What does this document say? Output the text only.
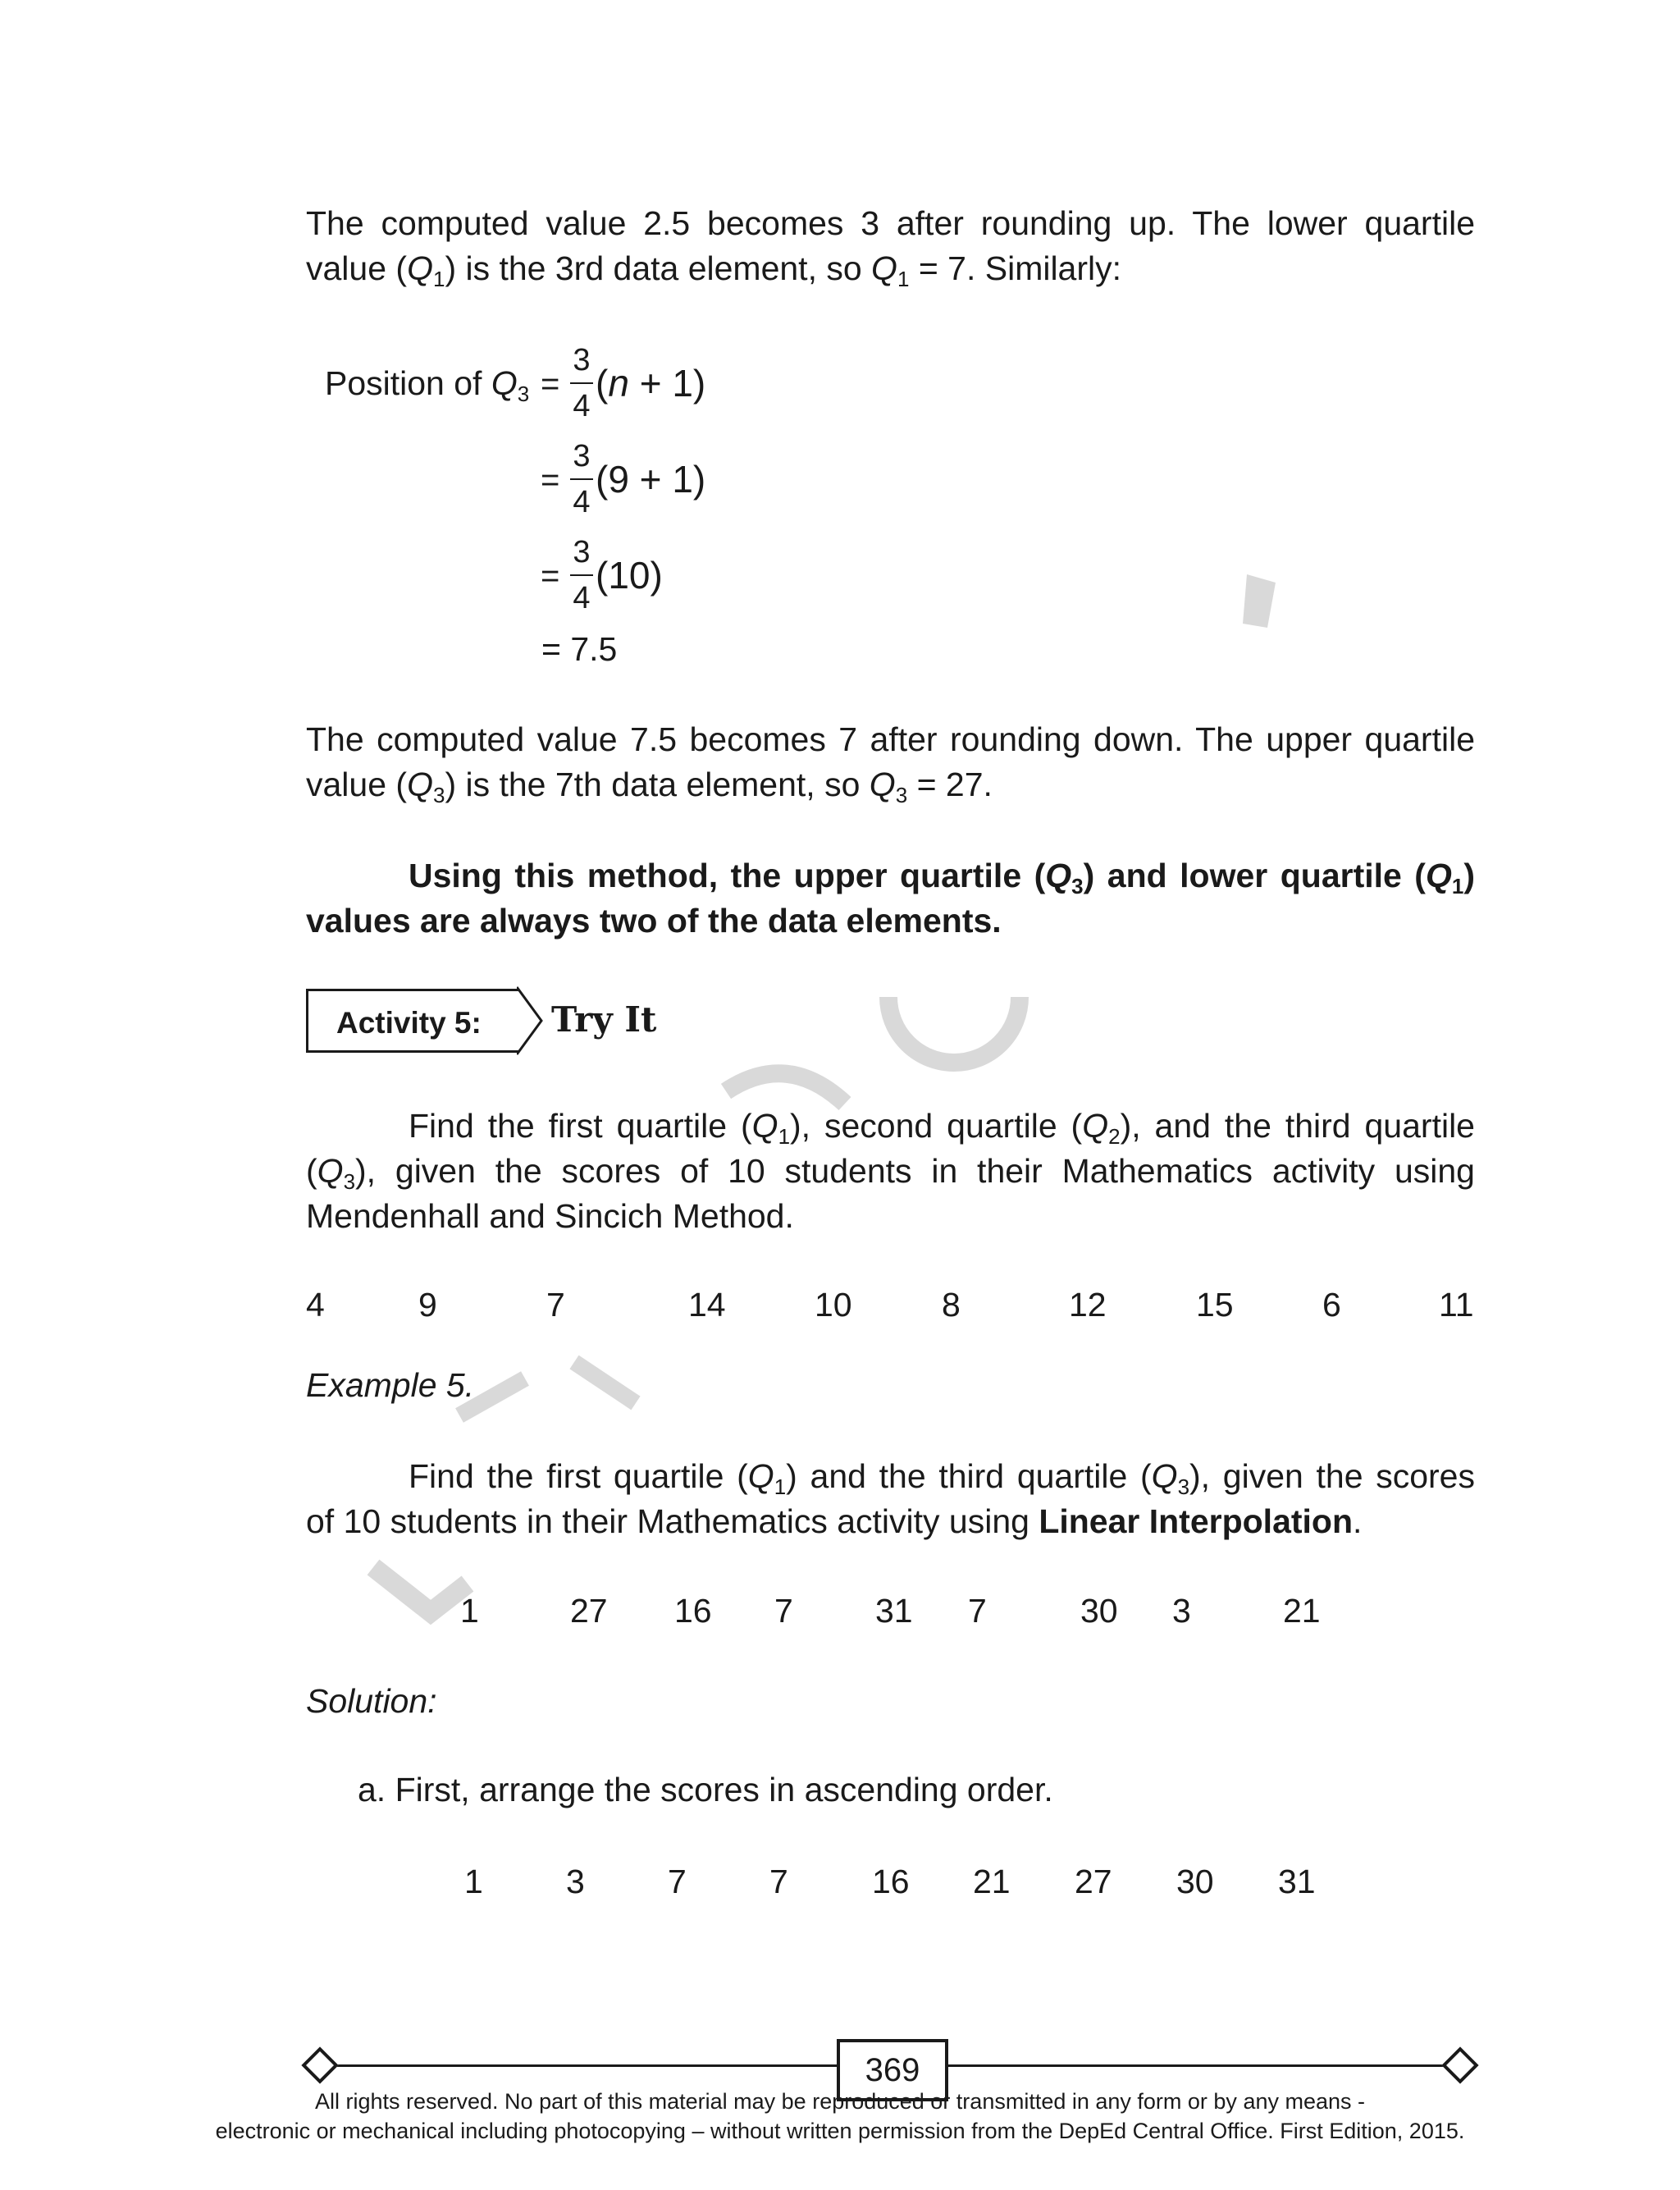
The computed value 2.5 becomes 3 after rounding up. The lower quartile
value $(Q_1)$ is the 3rd data element, so $Q_1 = 7$. Similarly:
Position of $Q_3$ =
3
4
(n + 1)
=
3
4
(9 + 1)
=
3
4
(10)
= 7.5
The computed value 7.5 becomes 7 after rounding down. The upper quartile
value $(Q_3)$ is the 7th data element, so $Q_3 = 27$.
Using this method, the upper quartile $(Q_3)$ and lower quartile $(Q_1)$
values are always two of the data elements.
Activity 5:	Try It
Find the first quartile $(Q_1)$, second quartile $(Q_2)$, and the third quartile
$(Q_3)$, given the scores of 10 students in their Mathematics activity using
Mendenhall and Sincich Method.
4	9	7	14	10	8	12	15	6	11
Example 5.
Find the first quartile $(Q_1)$ and the third quartile $(Q_3)$, given the scores
of 10 students in their Mathematics activity using Linear Interpolation.
1	27 16 7 31 7	30 3	21
Solution:
a. First, arrange the scores in ascending order.
1 3 7 7 16 21 27 30 31
369
All rights reserved. No part of this material may be reproduced or transmitted in any form or by any means -
electronic or mechanical including photocopying – without written permission from the DepEd Central Office. First Edition, 2015.
